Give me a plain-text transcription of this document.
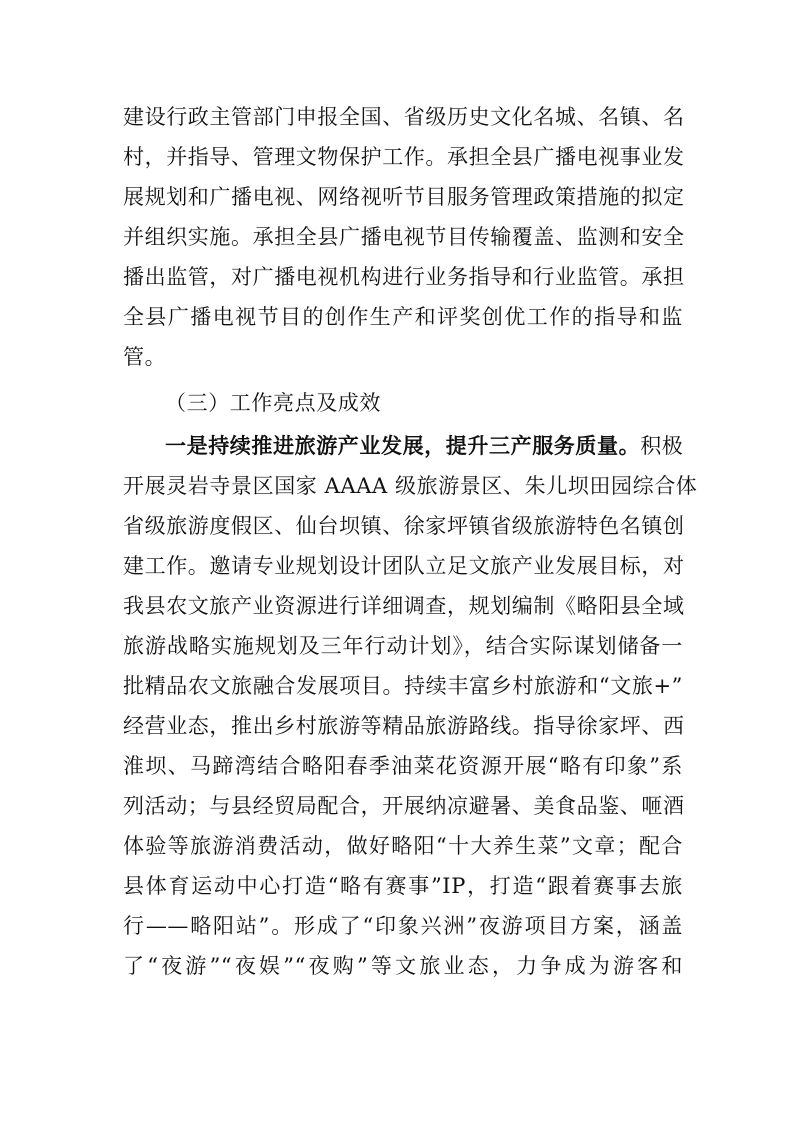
建设行政主管部门申报全国、省级历史文化名城、名镇、名
村，并指导、管理文物保护工作。承担全县广播电视事业发
展规划和广播电视、网络视听节目服务管理政策措施的拟定
并组织实施。承担全县广播电视节目传输覆盖、监测和安全
播出监管，对广播电视机构进行业务指导和行业监管。承担
全县广播电视节目的创作生产和评奖创优工作的指导和监
管。
（三）工作亮点及成效
一是持续推进旅游产业发展，提升三产服务质量。积极
开展灵岩寺景区国家 AAAA 级旅游景区、朱儿坝田园综合体
省级旅游度假区、仙台坝镇、徐家坪镇省级旅游特色名镇创
建工作。邀请专业规划设计团队立足文旅产业发展目标，对
我县农文旅产业资源进行详细调查，规划编制《略阳县全域
旅游战略实施规划及三年行动计划》，结合实际谋划储备一
批精品农文旅融合发展项目。持续丰富乡村旅游和“文旅+”
经营业态，推出乡村旅游等精品旅游路线。指导徐家坪、西
淮坝、马蹄湾结合略阳春季油菜花资源开展“略有印象”系
列活动；与县经贸局配合，开展纳凉避暑、美食品鉴、咂酒
体验等旅游消费活动，做好略阳“十大养生菜”文章；配合
县体育运动中心打造“略有赛事”IP，打造“跟着赛事去旅
行——略阳站”。形成了“印象兴洲”夜游项目方案，涵盖
了“夜游”“夜娱”“夜购”等文旅业态，力争成为游客和
